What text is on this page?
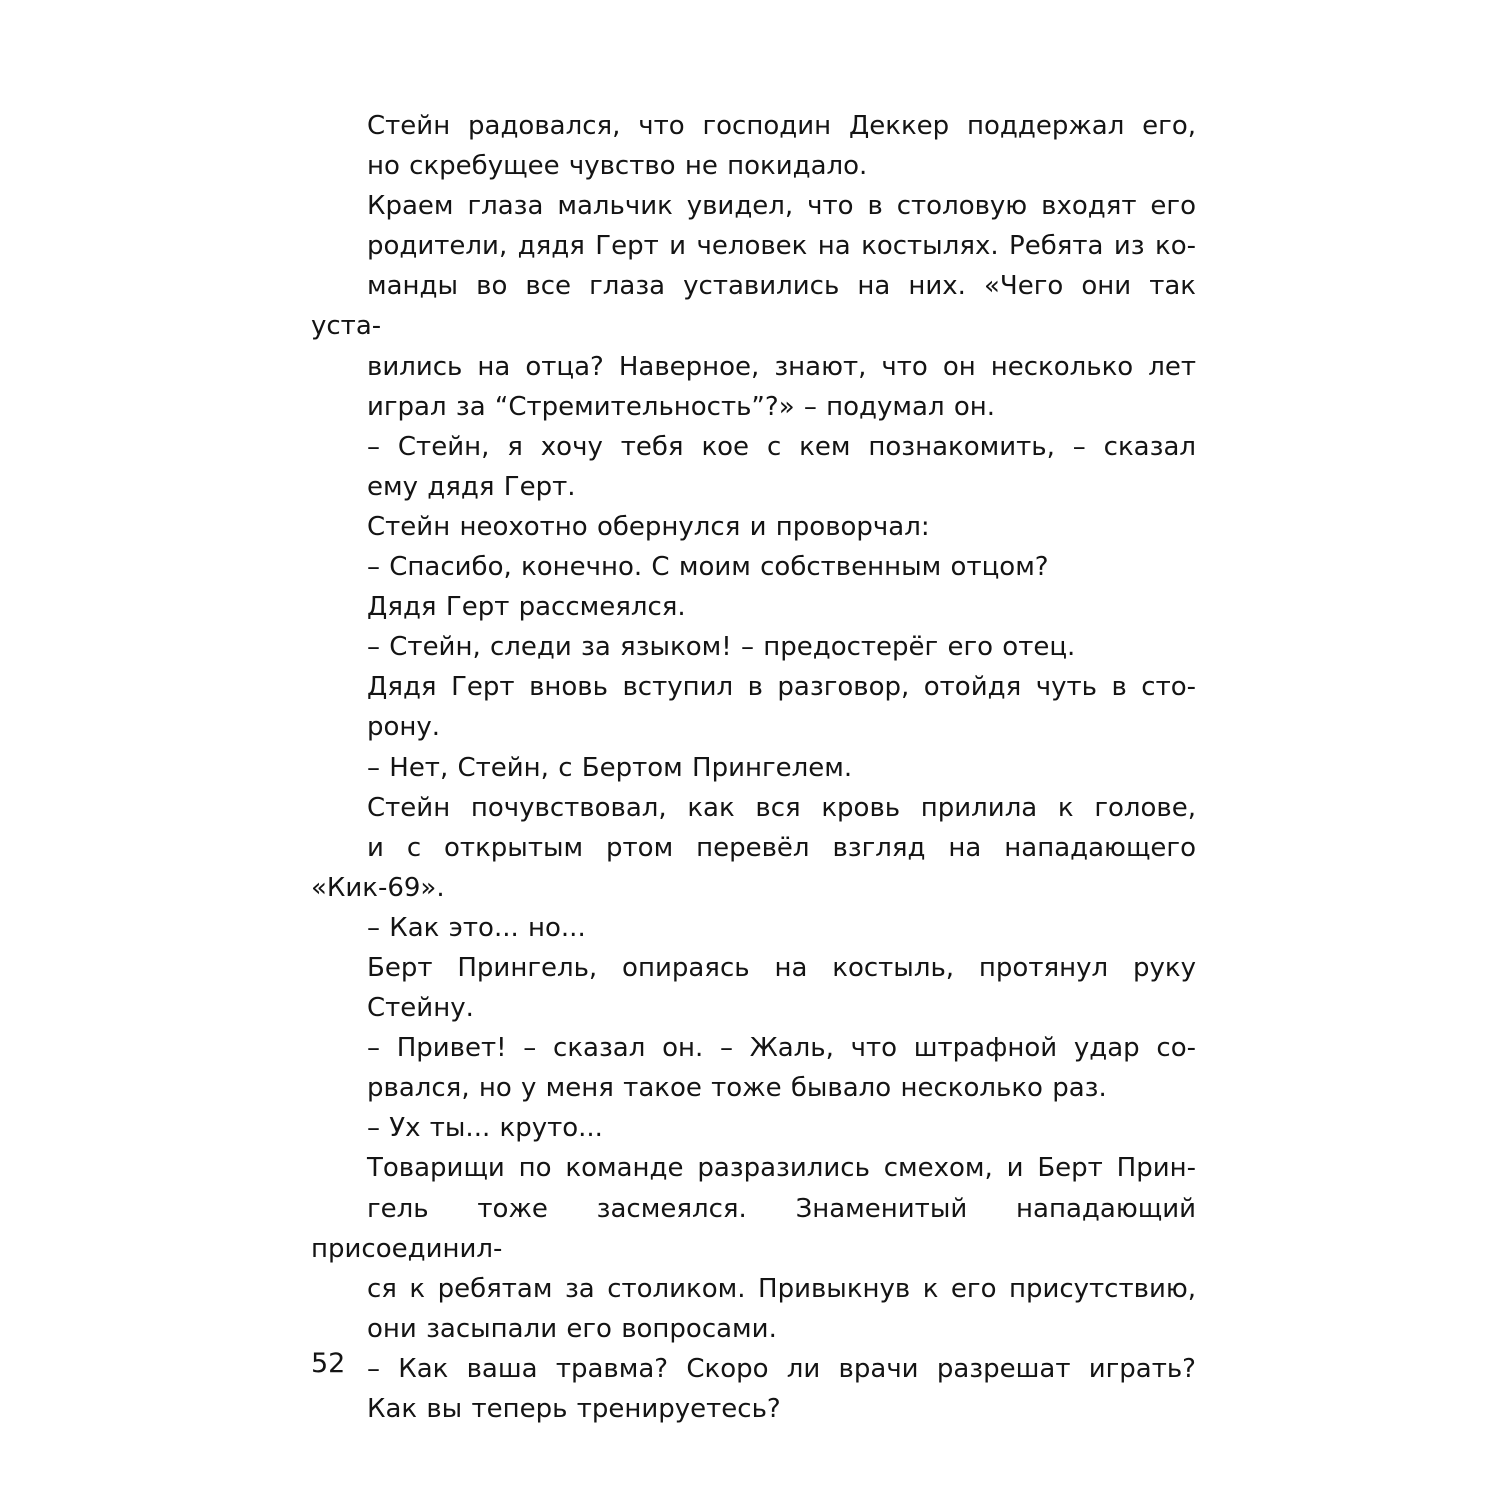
Стейн радовался, что господин Деккер поддержал его,
но скребущее чувство не покидало.

Краем глаза мальчик увидел, что в столовую входят его
родители, дядя Герт и человек на костылях. Ребята из ко-
манды во все глаза уставились на них. «Чего они так уста-
вились на отца? Наверное, знают, что он несколько лет
играл за “Стремительность”?» – подумал он.

– Стейн, я хочу тебя кое с кем познакомить, – сказал
ему дядя Герт.

Стейн неохотно обернулся и проворчал:

– Спасибо, конечно. С моим собственным отцом?

Дядя Герт рассмеялся.

– Стейн, следи за языком! – предостерёг его отец.

Дядя Герт вновь вступил в разговор, отойдя чуть в сто-
рону.

– Нет, Стейн, с Бертом Прингелем.

Стейн почувствовал, как вся кровь прилила к голове,
и с открытым ртом перевёл взгляд на нападающего «Кик-69».

– Как это... но...

Берт Прингель, опираясь на костыль, протянул руку
Стейну.

– Привет! – сказал он. – Жаль, что штрафной удар со-
рвался, но у меня такое тоже бывало несколько раз.

– Ух ты... круто...

Товарищи по команде разразились смехом, и Берт Прин-
гель тоже засмеялся. Знаменитый нападающий присоединил-
ся к ребятам за столиком. Привыкнув к его присутствию,
они засыпали его вопросами.

– Как ваша травма? Скоро ли врачи разрешат играть?
Как вы теперь тренируетесь?

52
